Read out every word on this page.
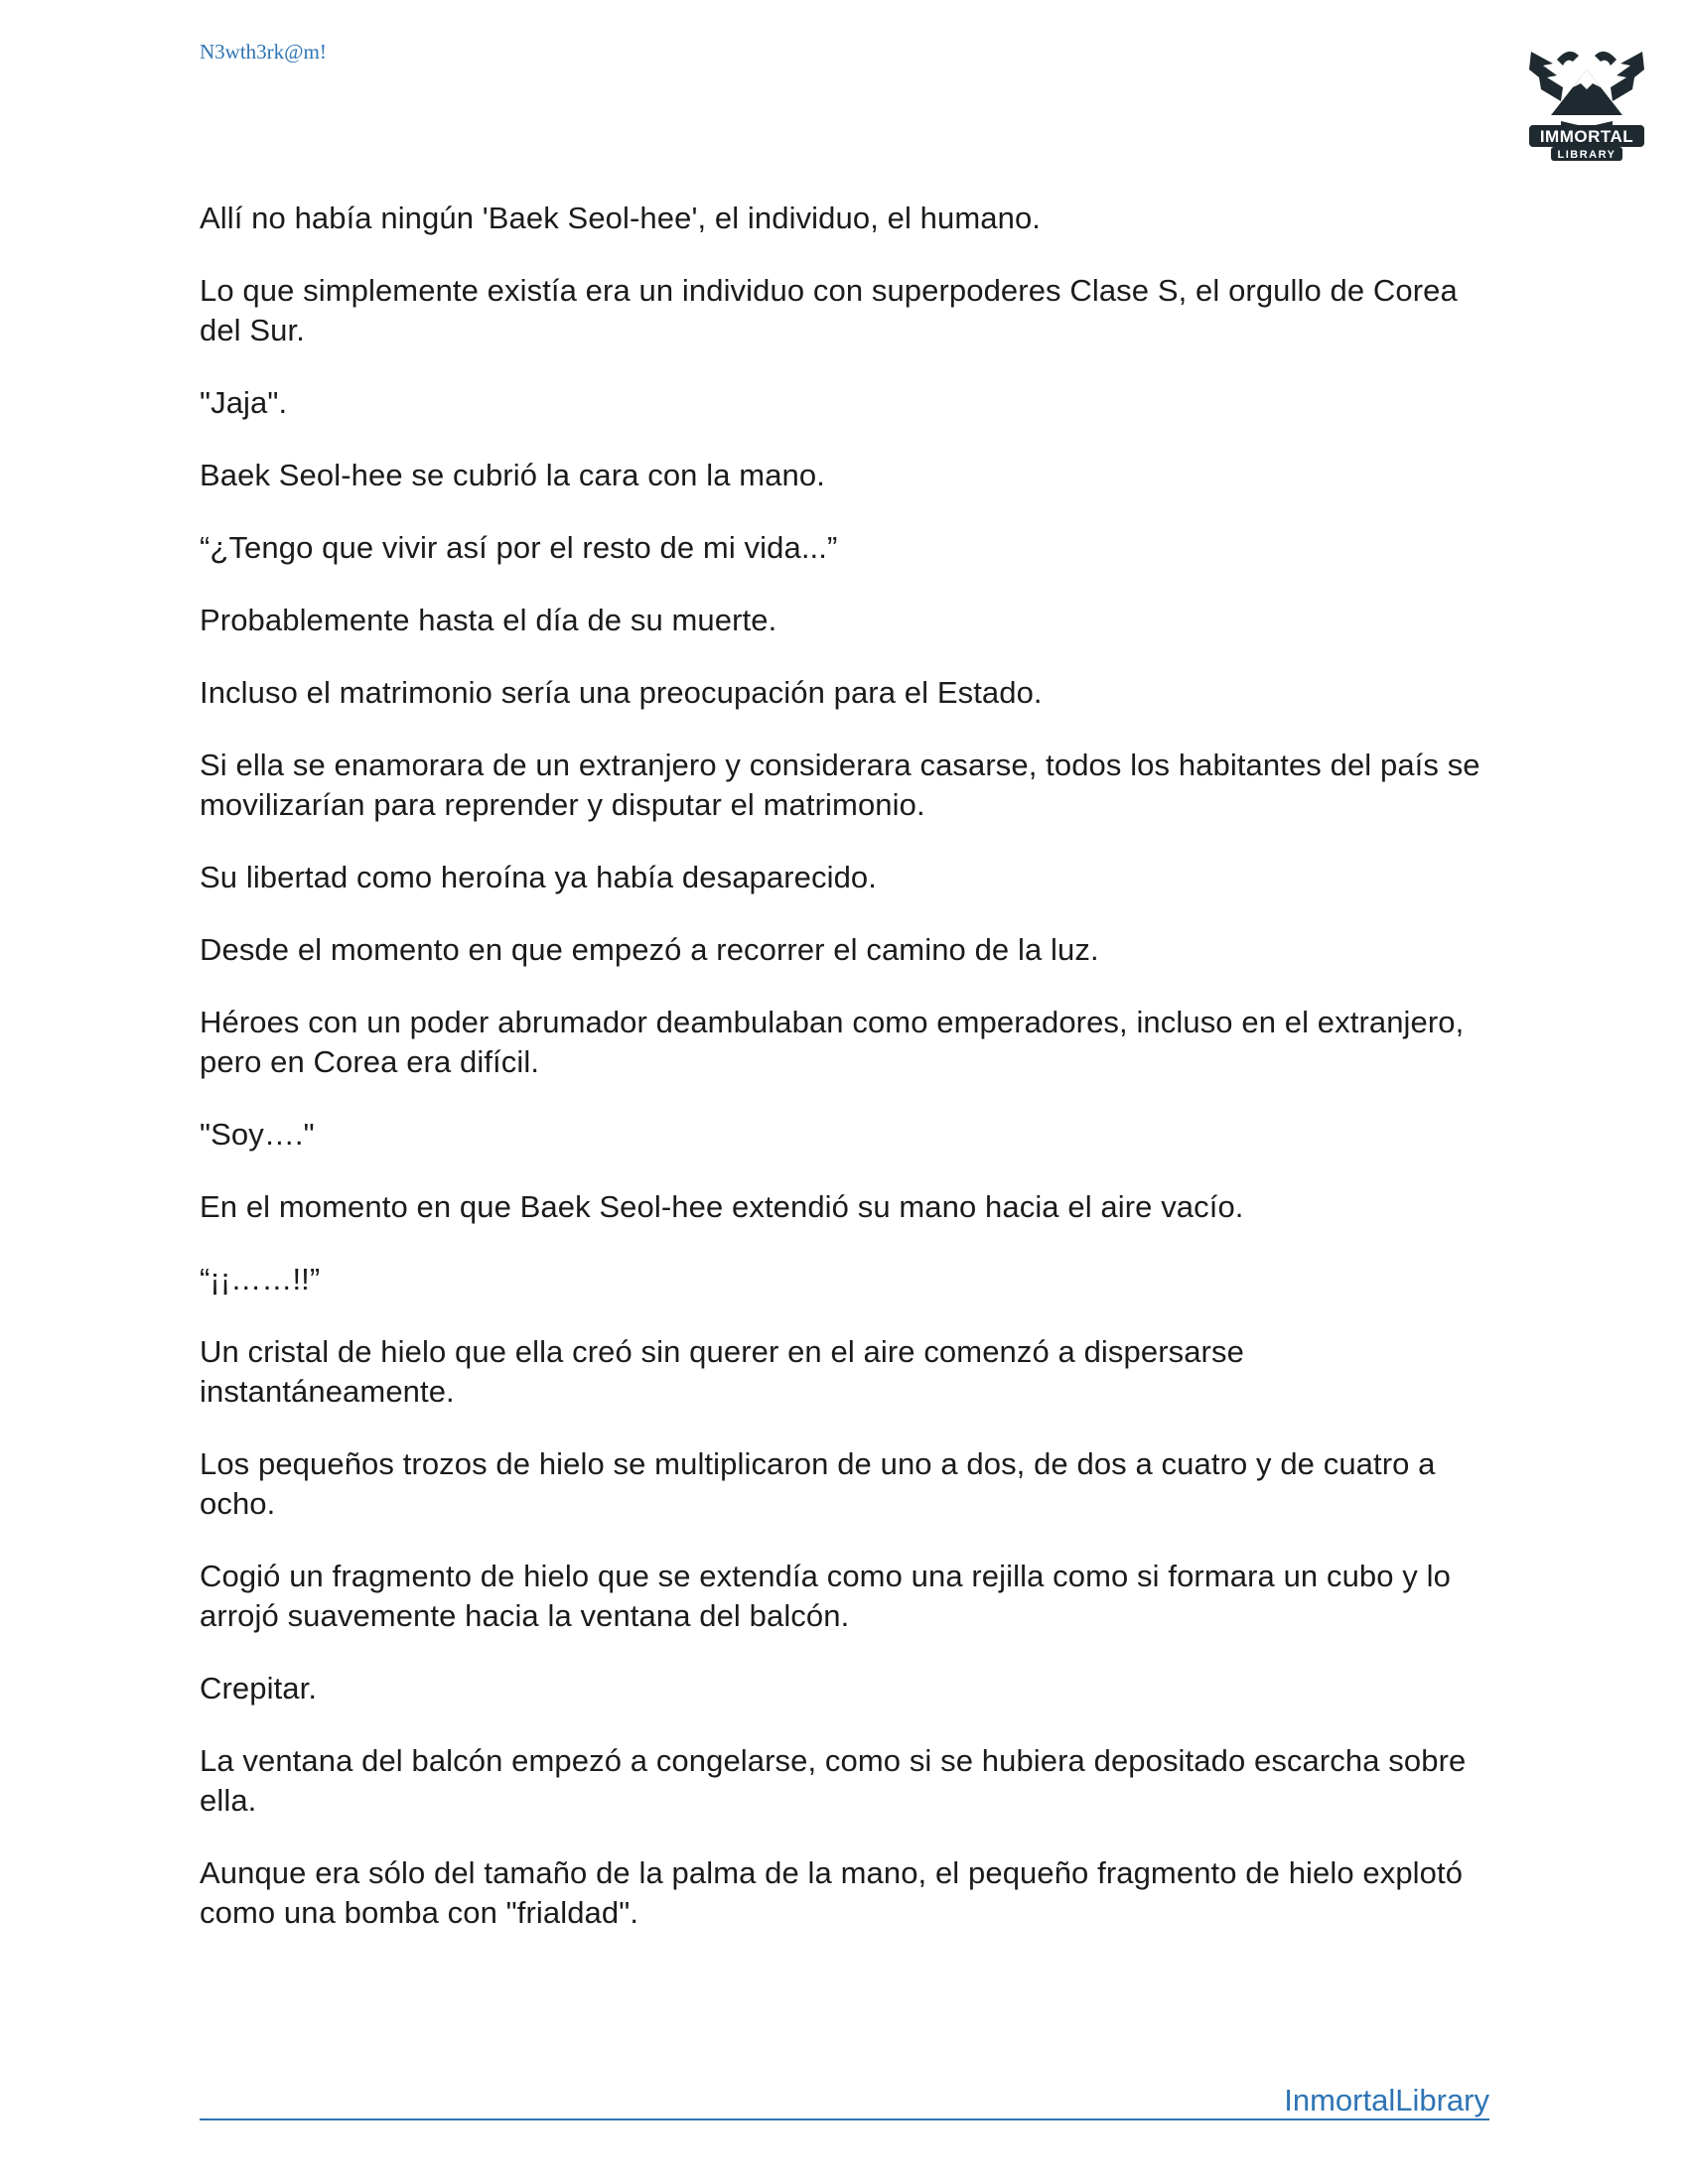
N3wth3rk@m!
IMMORTAL
LIBRARY

Allí no había ningún 'Baek Seol-hee', el individuo, el humano.

Lo que simplemente existía era un individuo con superpoderes Clase S, el orgullo de Corea del Sur.

"Jaja".

Baek Seol-hee se cubrió la cara con la mano.

“¿Tengo que vivir así por el resto de mi vida...”

Probablemente hasta el día de su muerte.

Incluso el matrimonio sería una preocupación para el Estado.

Si ella se enamorara de un extranjero y considerara casarse, todos los habitantes del país se movilizarían para reprender y disputar el matrimonio.

Su libertad como heroína ya había desaparecido.

Desde el momento en que empezó a recorrer el camino de la luz.

Héroes con un poder abrumador deambulaban como emperadores, incluso en el extranjero, pero en Corea era difícil.

"Soy…."

En el momento en que Baek Seol-hee extendió su mano hacia el aire vacío.

“¡¡……!!”

Un cristal de hielo que ella creó sin querer en el aire comenzó a dispersarse instantáneamente.

Los pequeños trozos de hielo se multiplicaron de uno a dos, de dos a cuatro y de cuatro a ocho.

Cogió un fragmento de hielo que se extendía como una rejilla como si formara un cubo y lo arrojó suavemente hacia la ventana del balcón.

Crepitar.

La ventana del balcón empezó a congelarse, como si se hubiera depositado escarcha sobre ella.

Aunque era sólo del tamaño de la palma de la mano, el pequeño fragmento de hielo explotó como una bomba con "frialdad".

InmortalLibrary
